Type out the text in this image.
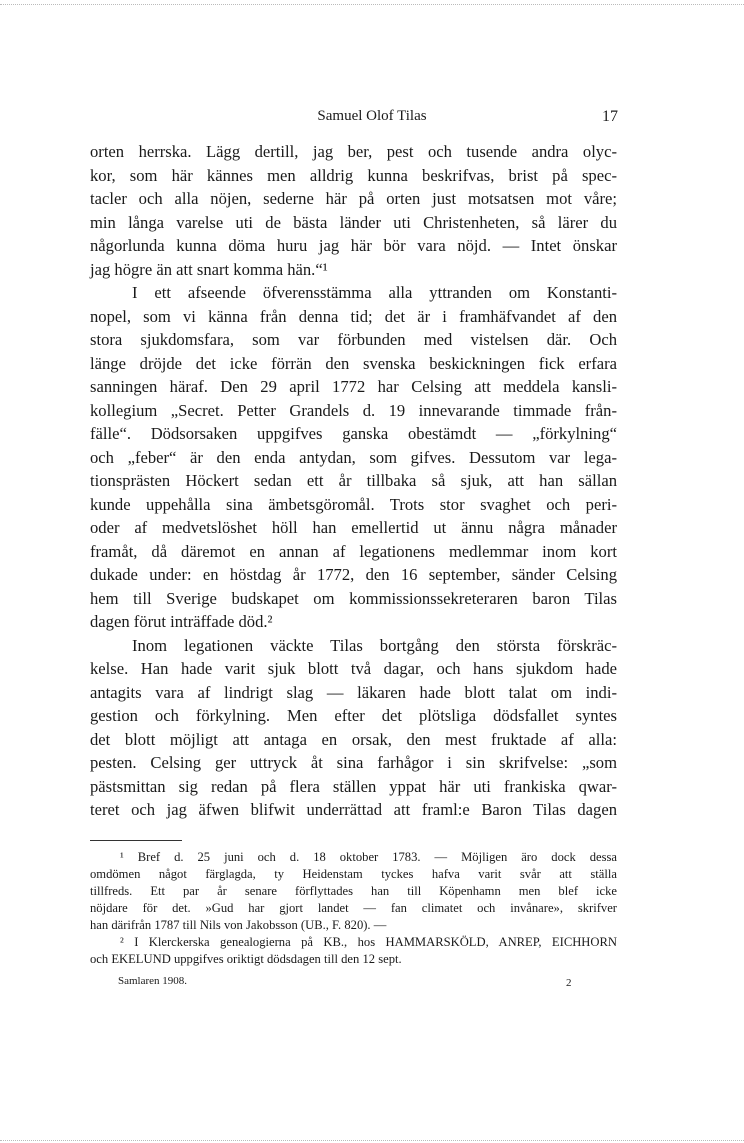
Samuel Olof Tilas	17

orten herrska. Lägg dertill, jag ber, pest och tusende andra olyc-

kor, som här kännes men alldrig kunna beskrifvas, brist på spec-

tacler och alla nöjen, sederne här på orten just motsatsen mot våre;

min långa varelse uti de bästa länder uti Christenheten, så lärer du

någorlunda kunna döma huru jag här bör vara nöjd. — Intet önskar

jag högre än att snart komma hän.“¹

I ett afseende öfverensstämma alla yttranden om Konstanti-

nopel, som vi känna från denna tid; det är i framhäfvandet af den

stora sjukdomsfara, som var förbunden med vistelsen där. Och

länge dröjde det icke förrän den svenska beskickningen fick erfara

sanningen häraf. Den 29 april 1772 har Celsing att meddela kansli-

kollegium „Secret. Petter Grandels d. 19 innevarande timmade från-

fälle“. Dödsorsaken uppgifves ganska obestämdt — „förkylning“

och „feber“ är den enda antydan, som gifves. Dessutom var lega-

tionsprästen Höckert sedan ett år tillbaka så sjuk, att han sällan

kunde uppehålla sina ämbetsgöromål. Trots stor svaghet och peri-

oder af medvetslöshet höll han emellertid ut ännu några månader

framåt, då däremot en annan af legationens medlemmar inom kort

dukade under: en höstdag år 1772, den 16 september, sänder Celsing

hem till Sverige budskapet om kommissionssekreteraren baron Tilas

dagen förut inträffade död.²

Inom legationen väckte Tilas bortgång den största förskräc-

kelse. Han hade varit sjuk blott två dagar, och hans sjukdom hade

antagits vara af lindrigt slag — läkaren hade blott talat om indi-

gestion och förkylning. Men efter det plötsliga dödsfallet syntes

det blott möjligt att antaga en orsak, den mest fruktade af alla:

pesten. Celsing ger uttryck åt sina farhågor i sin skrifvelse: „som

pästsmittan sig redan på flera ställen yppat här uti frankiska qwar-

teret och jag äfwen blifwit underrättad att framl:e Baron Tilas dagen

¹ Bref d. 25 juni och d. 18 oktober 1783. — Möjligen äro dock dessa

omdömen något färglagda, ty Heidenstam tyckes hafva varit svår att ställa

tillfreds. Ett par år senare förflyttades han till Köpenhamn men blef icke

nöjdare för det. »Gud har gjort landet — fan climatet och invånare», skrifver

han därifrån 1787 till Nils von Jakobsson (UB., F. 820). —

² I Klerckerska genealogierna på KB., hos HAMMARSKÖLD, ANREP, EICHHORN

och EKELUND uppgifves oriktigt dödsdagen till den 12 sept.

Samlaren 1908.	2
